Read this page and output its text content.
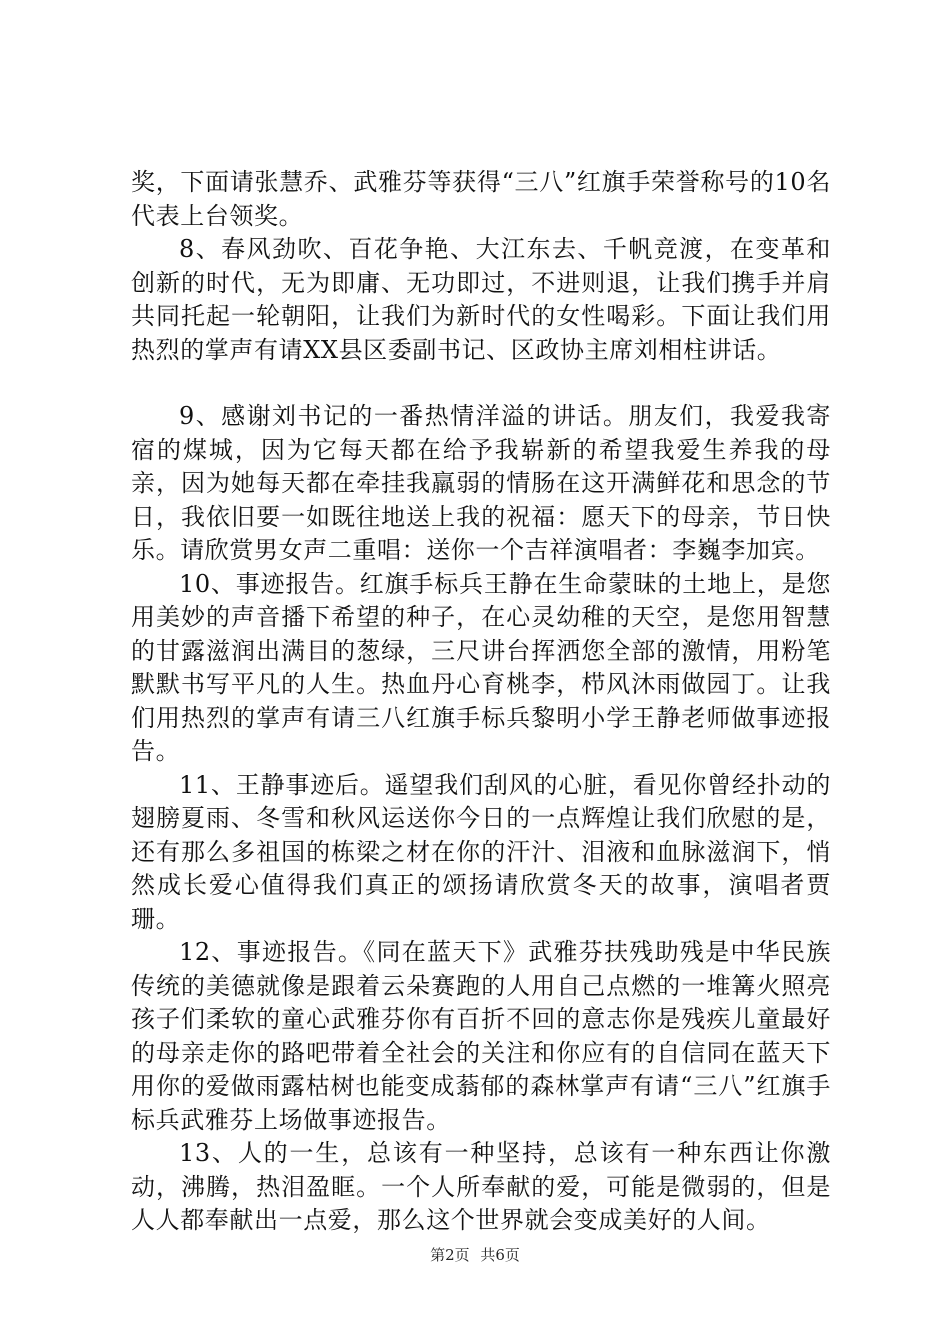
奖，下面请张慧乔、武雅芬等获得“三八”红旗手荣誉称号的10名代表上台领奖。

8、春风劲吹、百花争艳、大江东去、千帆竞渡，在变革和创新的时代，无为即庸、无功即过，不进则退，让我们携手并肩共同托起一轮朝阳，让我们为新时代的女性喝彩。下面让我们用热烈的掌声有请XX县区委副书记、区政协主席刘相柱讲话。

9、感谢刘书记的一番热情洋溢的讲话。朋友们，我爱我寄宿的煤城，因为它每天都在给予我崭新的希望我爱生养我的母亲，因为她每天都在牵挂我羸弱的情肠在这开满鲜花和思念的节日，我依旧要一如既往地送上我的祝福：愿天下的母亲，节日快乐。请欣赏男女声二重唱：送你一个吉祥演唱者：李巍李加宾。

10、事迹报告。红旗手标兵王静在生命蒙昧的土地上，是您用美妙的声音播下希望的种子，在心灵幼稚的天空，是您用智慧的甘露滋润出满目的葱绿，三尺讲台挥洒您全部的激情，用粉笔默默书写平凡的人生。热血丹心育桃李，栉风沐雨做园丁。让我们用热烈的掌声有请三八红旗手标兵黎明小学王静老师做事迹报告。

11、王静事迹后。遥望我们刮风的心脏，看见你曾经扑动的翅膀夏雨、冬雪和秋风运送你今日的一点辉煌让我们欣慰的是，还有那么多祖国的栋梁之材在你的汗汁、泪液和血脉滋润下，悄然成长爱心值得我们真正的颂扬请欣赏冬天的故事，演唱者贾珊。

12、事迹报告。《同在蓝天下》武雅芬扶残助残是中华民族传统的美德就像是跟着云朵赛跑的人用自己点燃的一堆篝火照亮孩子们柔软的童心武雅芬你有百折不回的意志你是残疾儿童最好的母亲走你的路吧带着全社会的关注和你应有的自信同在蓝天下用你的爱做雨露枯树也能变成蓊郁的森林掌声有请“三八”红旗手标兵武雅芬上场做事迹报告。

13、人的一生，总该有一种坚持，总该有一种东西让你激动，沸腾，热泪盈眶。一个人所奉献的爱，可能是微弱的，但是人人都奉献出一点爱，那么这个世界就会变成美好的人间。

第2页 共6页
